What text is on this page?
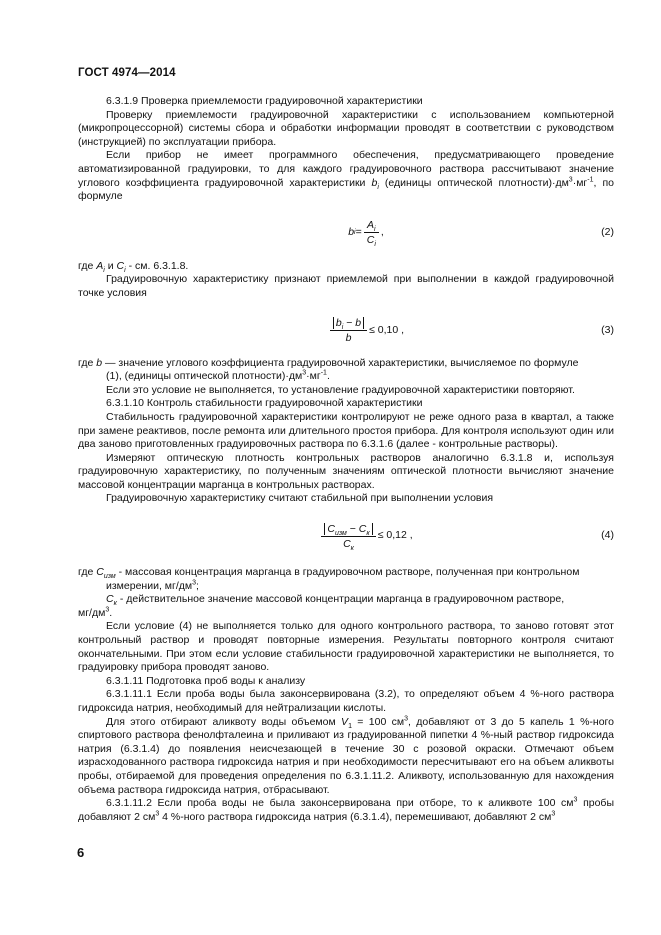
ГОСТ 4974—2014

6.3.1.9 Проверка приемлемости градуировочной характеристики

Проверку приемлемости градуировочной характеристики с использованием компьютерной (микропроцессорной) системы сбора и обработки информации проводят в соответствии с руководством (инструкцией) по эксплуатации прибора.

Если прибор не имеет программного обеспечения, предусматривающего проведение автоматизированной градуировки, то для каждого градуировочного раствора рассчитывают значение углового коэффициента градуировочной характеристики $b_i$ (единицы оптической $плотности)\cdot дм^3\cdot мг^{-1}$, по формуле

b $i = \frac{A_i}{C_i}$ ,	(2)

где $A_i$ и $C_i$ - см. 6.3.1.8.

Градуировочную характеристику признают приемлемой при выполнении в каждой градуировочной точке условия

$\frac{b_i - b}{b} \le 0,10$ ,	(3)

где b — значение углового коэффициента градуировочной характеристики, вычисляемое по формуле

(1), (единицы оптической $плотности)\cdot дм^3\cdot мг^{-1}$.

Если это условие не выполняется, то установление градуировочной характеристики повторяют.

6.3.1.10 Контроль стабильности градуировочной характеристики

Стабильность градуировочной характеристики контролируют не реже одного раза в квартал, а также при замене реактивов, после ремонта или длительного простоя прибора. Для контроля используют один или два заново приготовленных градуировочных раствора по 6.3.1.6 (далее - контрольные растворы).

Измеряют оптическую плотность контрольных растворов аналогично 6.3.1.8 и, используя градуировочную характеристику, по полученным значениям оптической плотности вычисляют значение массовой концентрации марганца в контрольных растворах.

Градуировочную характеристику считают стабильной при выполнении условия

$\frac{C_{изм} - C_к}{C_к} \le 0,12$ ,	(4)

где $C_{изм}$ - массовая концентрация марганца в градуировочном растворе, полученная при контрольном

измерении, $мг/дм^3$;

$C_к$ - действительное значение массовой концентрации марганца в градуировочном растворе,

$мг/дм^3$.

Если условие (4) не выполняется только для одного контрольного раствора, то заново готовят этот контрольный раствор и проводят повторные измерения. Результаты повторного контроля считают окончательными. При этом если условие стабильности градуировочной характеристики не выполняется, то градуировку прибора проводят заново.

6.3.1.11 Подготовка проб воды к анализу

6.3.1.11.1 Если проба воды была законсервирована (3.2), то определяют объем 4 %-ного раствора гидроксида натрия, необходимый для нейтрализации кислоты.

Для этого отбирают аликвоту воды объемом $V_1 = 100$ $см^3$, добавляют от 3 до 5 капель 1 %-ного спиртового раствора фенолфталеина и приливают из градуированной пипетки 4 %-ный раствор гидроксида натрия (6.3.1.4) до появления неисчезающей в течение 30 с розовой окраски. Отмечают объем израсходованного раствора гидроксида натрия и при необходимости пересчитывают его на объем аликвоты пробы, отбираемой для проведения определения по 6.3.1.11.2. Аликвоту, использованную для нахождения объема раствора гидроксида натрия, отбрасывают.

6.3.1.11.2 Если проба воды не была законсервирована при отборе, то к аликвоте 100 $см^3$ пробы добавляют 2 $см^3$ 4 %-ного раствора гидроксида натрия (6.3.1.4), перемешивают, добавляют 2 $см^3$

6
